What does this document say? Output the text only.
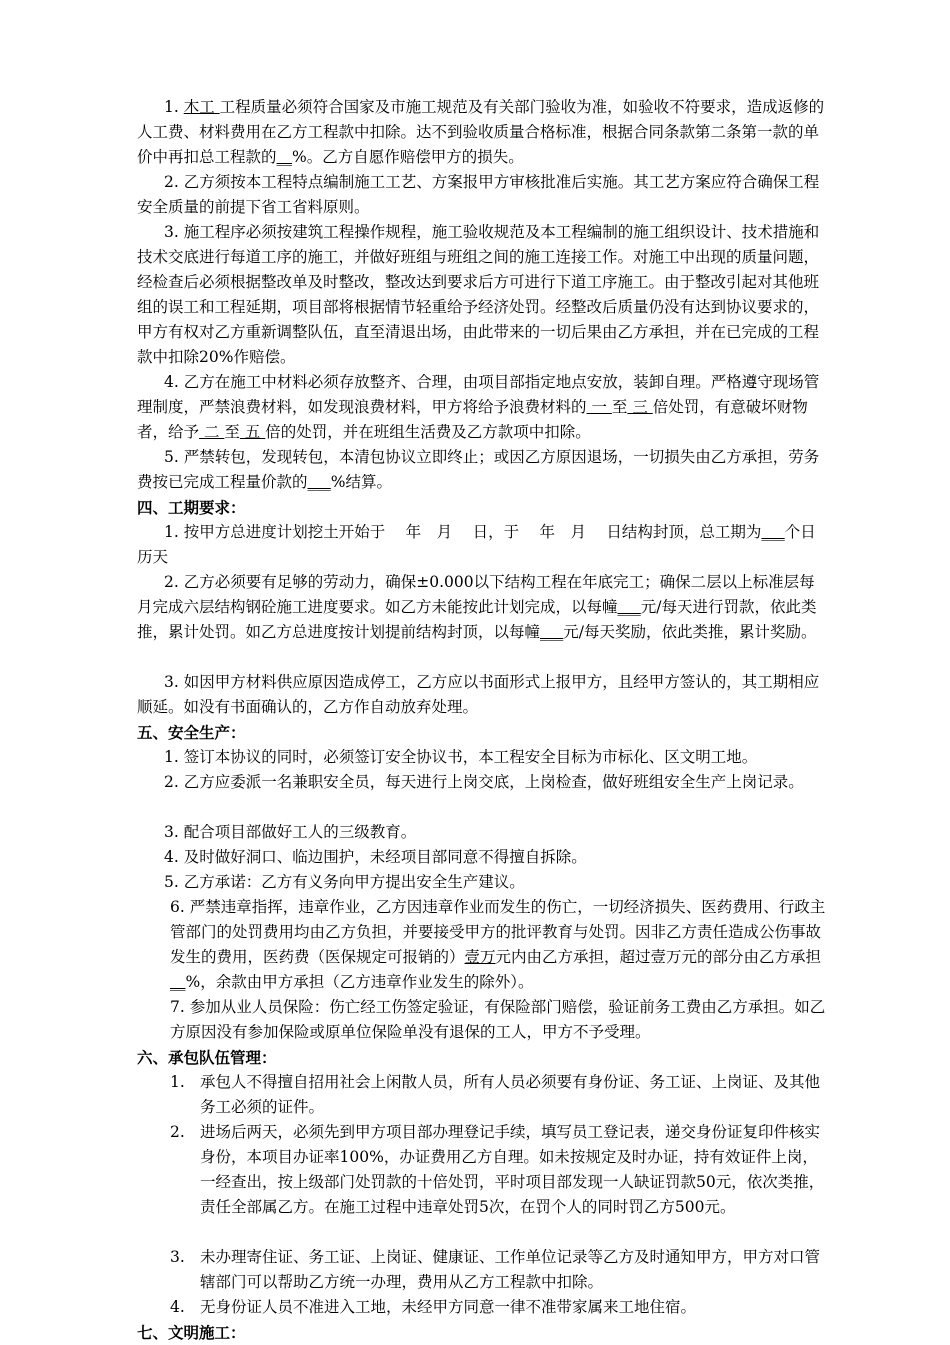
1. 木工 工程质量必须符合国家及市施工规范及有关部门验收为准，如验收不符要求，造成返修的人工费、材料费用在乙方工程款中扣除。达不到验收质量合格标准，根据合同条款第二条第一款的单价中再扣总工程款的__%。乙方自愿作赔偿甲方的损失。
2. 乙方须按本工程特点编制施工工艺、方案报甲方审核批准后实施。其工艺方案应符合确保工程安全质量的前提下省工省料原则。
3. 施工程序必须按建筑工程操作规程，施工验收规范及本工程编制的施工组织设计、技术措施和技术交底进行每道工序的施工，并做好班组与班组之间的施工连接工作。对施工中出现的质量问题，经检查后必须根据整改单及时整改，整改达到要求后方可进行下道工序施工。由于整改引起对其他班组的误工和工程延期，项目部将根据情节轻重给予经济处罚。经整改后质量仍没有达到协议要求的，甲方有权对乙方重新调整队伍，直至清退出场，由此带来的一切后果由乙方承担，并在已完成的工程款中扣除20%作赔偿。
4. 乙方在施工中材料必须存放整齐、合理，由项目部指定地点安放，装卸自理。严格遵守现场管理制度，严禁浪费材料，如发现浪费材料，甲方将给予浪费材料的 一 至 三 倍处罚，有意破坏财物者，给予 二 至 五 倍的处罚，并在班组生活费及乙方款项中扣除。
5. 严禁转包，发现转包，本清包协议立即终止；或因乙方原因退场，一切损失由乙方承担，劳务费按已完成工程量价款的___%结算。
四、工期要求：
1. 按甲方总进度计划挖土开始于　 年　月　 日，于　 年　月　 日结构封顶，总工期为___个日历天
2. 乙方必须要有足够的劳动力，确保±0.000以下结构工程在年底完工；确保二层以上标准层每月完成六层结构钢砼施工进度要求。如乙方未能按此计划完成，以每幢___元/每天进行罚款，依此类推，累计处罚。如乙方总进度按计划提前结构封顶，以每幢___元/每天奖励，依此类推，累计奖励。
3. 如因甲方材料供应原因造成停工，乙方应以书面形式上报甲方，且经甲方签认的，其工期相应顺延。如没有书面确认的，乙方作自动放弃处理。
五、安全生产：
1. 签订本协议的同时，必须签订安全协议书，本工程安全目标为市标化、区文明工地。
2. 乙方应委派一名兼职安全员，每天进行上岗交底，上岗检查，做好班组安全生产上岗记录。
3. 配合项目部做好工人的三级教育。
4. 及时做好洞口、临边围护，未经项目部同意不得擅自拆除。
5. 乙方承诺：乙方有义务向甲方提出安全生产建议。
6. 严禁违章指挥，违章作业，乙方因违章作业而发生的伤亡，一切经济损失、医药费用、行政主管部门的处罚费用均由乙方负担，并要接受甲方的批评教育与处罚。因非乙方责任造成公伤事故发生的费用，医药费（医保规定可报销的）壹万元内由乙方承担，超过壹万元的部分由乙方承担 __%，余款由甲方承担（乙方违章作业发生的除外）。
7. 参加从业人员保险：伤亡经工伤签定验证，有保险部门赔偿，验证前务工费由乙方承担。如乙方原因没有参加保险或原单位保险单没有退保的工人，甲方不予受理。
六、承包队伍管理：
1. 承包人不得擅自招用社会上闲散人员，所有人员必须要有身份证、务工证、上岗证、及其他务工必须的证件。
2. 进场后两天，必须先到甲方项目部办理登记手续，填写员工登记表，递交身份证复印件核实身份，本项目办证率100%，办证费用乙方自理。如未按规定及时办证，持有效证件上岗，一经查出，按上级部门处罚款的十倍处罚，平时项目部发现一人缺证罚款50元，依次类推，责任全部属乙方。在施工过程中违章处罚5次，在罚个人的同时罚乙方500元。
3. 未办理寄住证、务工证、上岗证、健康证、工作单位记录等乙方及时通知甲方，甲方对口管辖部门可以帮助乙方统一办理，费用从乙方工程款中扣除。
4. 无身份证人员不准进入工地，未经甲方同意一律不准带家属来工地住宿。
七、文明施工：
